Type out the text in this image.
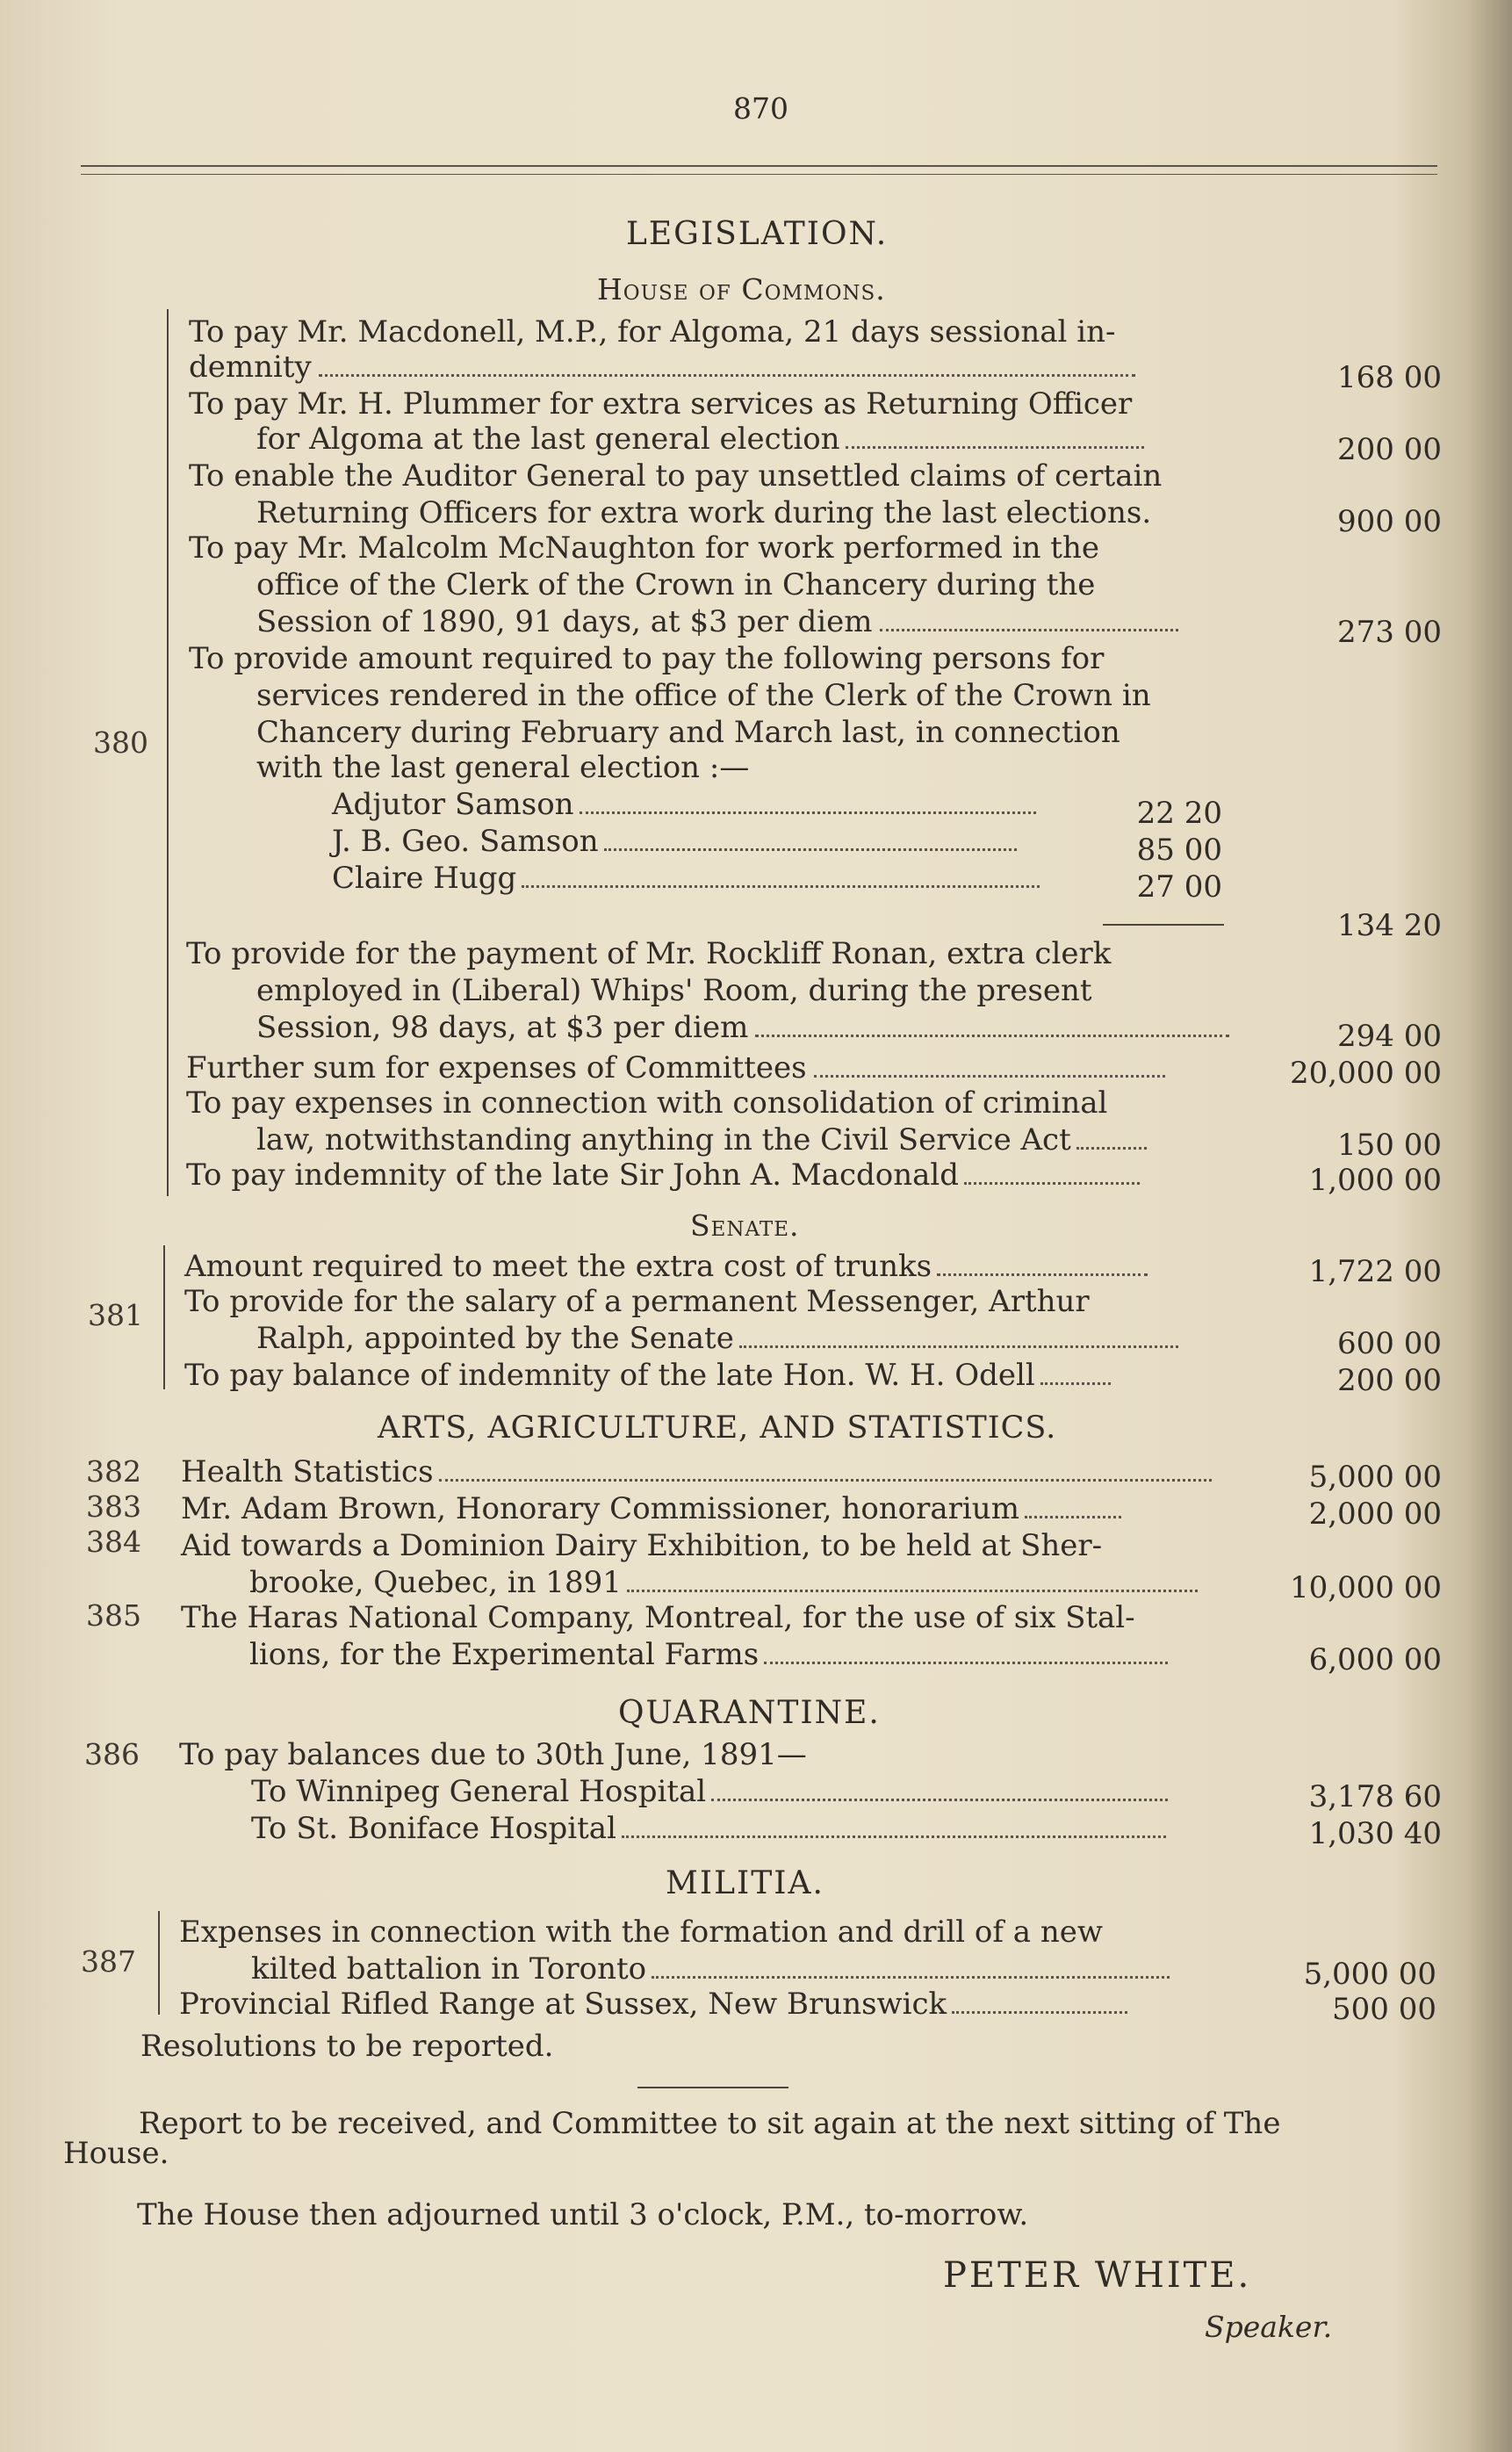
870
LEGISLATION.
House of Commons.
380
To pay Mr. Macdonell, M.P., for Algoma, 21 days sessional in-
demnity	168 00
To pay Mr. H. Plummer for extra services as Returning Officer
for Algoma at the last general election	200 00
To enable the Auditor General to pay unsettled claims of certain
Returning Officers for extra work during the last elections.	900 00
To pay Mr. Malcolm McNaughton for work performed in the
office of the Clerk of the Crown in Chancery during the
Session of 1890, 91 days, at $3 per diem	273 00
To provide amount required to pay the following persons for
services rendered in the office of the Clerk of the Crown in
Chancery during February and March last, in connection
with the last general election :—
Adjutor Samson	22 20
J. B. Geo. Samson	85 00
Claire Hugg	27 00
134 20
To provide for the payment of Mr. Rockliff Ronan, extra clerk
employed in (Liberal) Whips' Room, during the present
Session, 98 days, at $3 per diem	294 00
Further sum for expenses of Committees	20,000 00
To pay expenses in connection with consolidation of criminal
law, notwithstanding anything in the Civil Service Act	150 00
To pay indemnity of the late Sir John A. Macdonald	1,000 00
Senate.
381
Amount required to meet the extra cost of trunks	1,722 00
To provide for the salary of a permanent Messenger, Arthur
Ralph, appointed by the Senate	600 00
To pay balance of indemnity of the late Hon. W. H. Odell	200 00
ARTS, AGRICULTURE, AND STATISTICS.
382 Health Statistics	5,000 00
383 Mr. Adam Brown, Honorary Commissioner, honorarium	2,000 00
384 Aid towards a Dominion Dairy Exhibition, to be held at Sher-
brooke, Quebec, in 1891	10,000 00
385 The Haras National Company, Montreal, for the use of six Stal-
lions, for the Experimental Farms	6,000 00
QUARANTINE.
386 To pay balances due to 30th June, 1891—
To Winnipeg General Hospital	3,178 60
To St. Boniface Hospital	1,030 40
MILITIA.
387
Expenses in connection with the formation and drill of a new
kilted battalion in Toronto	5,000 00
Provincial Rifled Range at Sussex, New Brunswick	500 00
Resolutions to be reported.
Report to be received, and Committee to sit again at the next sitting of The
House.
The House then adjourned until 3 o'clock, P.M., to-morrow.
PETER WHITE.
Speaker.
